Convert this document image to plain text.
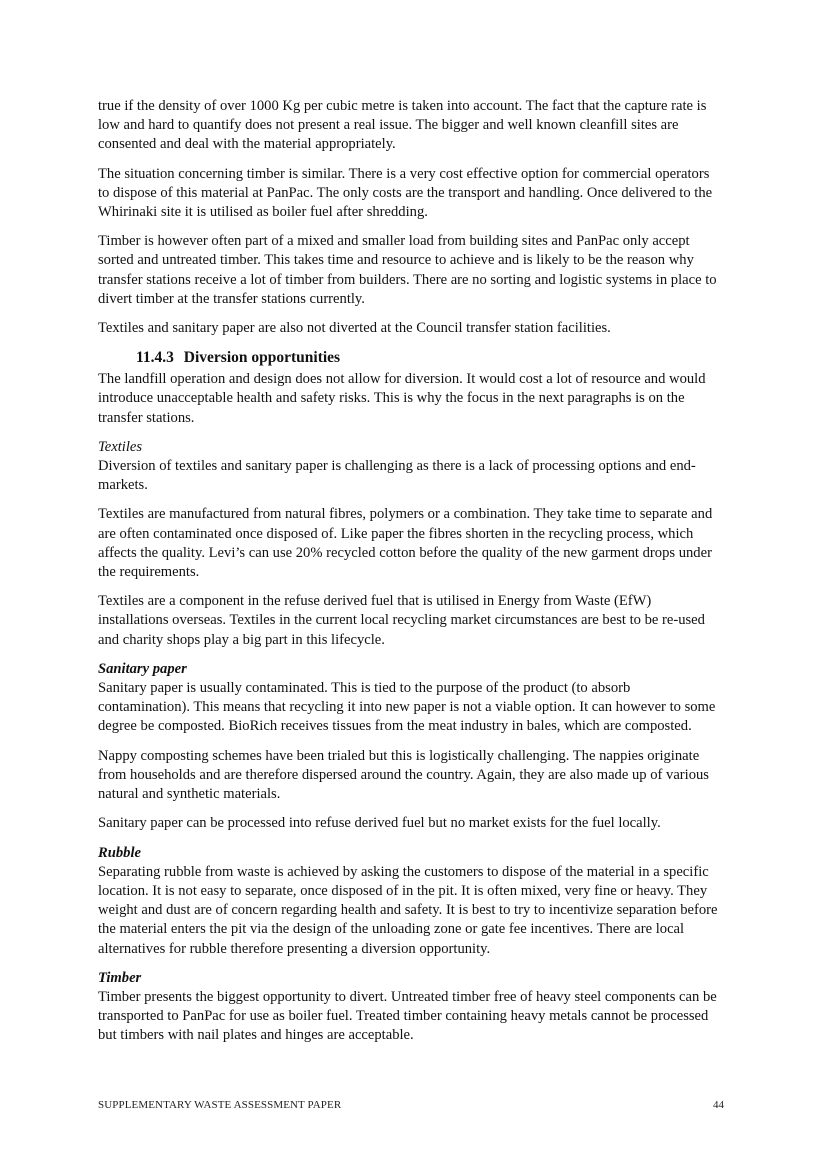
true if the density of over 1000 Kg per cubic metre is taken into account. The fact that the capture rate is low and hard to quantify does not present a real issue. The bigger and well known cleanfill sites are consented and deal with the material appropriately.

The situation concerning timber is similar. There is a very cost effective option for commercial operators to dispose of this material at PanPac. The only costs are the transport and handling. Once delivered to the Whirinaki site it is utilised as boiler fuel after shredding.

Timber is however often part of a mixed and smaller load from building sites and PanPac only accept sorted and untreated timber. This takes time and resource to achieve and is likely to be the reason why transfer stations receive a lot of timber from builders. There are no sorting and logistic systems in place to divert timber at the transfer stations currently.

Textiles and sanitary paper are also not diverted at the Council transfer station facilities.

11.4.3 Diversion opportunities

The landfill operation and design does not allow for diversion. It would cost a lot of resource and would introduce unacceptable health and safety risks. This is why the focus in the next paragraphs is on the transfer stations.

Textiles

Diversion of textiles and sanitary paper is challenging as there is a lack of processing options and end-markets.

Textiles are manufactured from natural fibres, polymers or a combination. They take time to separate and are often contaminated once disposed of. Like paper the fibres shorten in the recycling process, which affects the quality. Levi’s can use 20% recycled cotton before the quality of the new garment drops under the requirements.

Textiles are a component in the refuse derived fuel that is utilised in Energy from Waste (EfW) installations overseas. Textiles in the current local recycling market circumstances are best to be re-used and charity shops play a big part in this lifecycle.

Sanitary paper

Sanitary paper is usually contaminated. This is tied to the purpose of the product (to absorb contamination). This means that recycling it into new paper is not a viable option. It can however to some degree be composted. BioRich receives tissues from the meat industry in bales, which are composted.

Nappy composting schemes have been trialed but this is logistically challenging. The nappies originate from households and are therefore dispersed around the country. Again, they are also made up of various natural and synthetic materials.

Sanitary paper can be processed into refuse derived fuel but no market exists for the fuel locally.

Rubble

Separating rubble from waste is achieved by asking the customers to dispose of the material in a specific location. It is not easy to separate, once disposed of in the pit. It is often mixed, very fine or heavy. They weight and dust are of concern regarding health and safety. It is best to try to incentivize separation before the material enters the pit via the design of the unloading zone or gate fee incentives. There are local alternatives for rubble therefore presenting a diversion opportunity.

Timber

Timber presents the biggest opportunity to divert. Untreated timber free of heavy steel components can be transported to PanPac for use as boiler fuel. Treated timber containing heavy metals cannot be processed but timbers with nail plates and hinges are acceptable.

SUPPLEMENTARY WASTE ASSESSMENT PAPER	44
